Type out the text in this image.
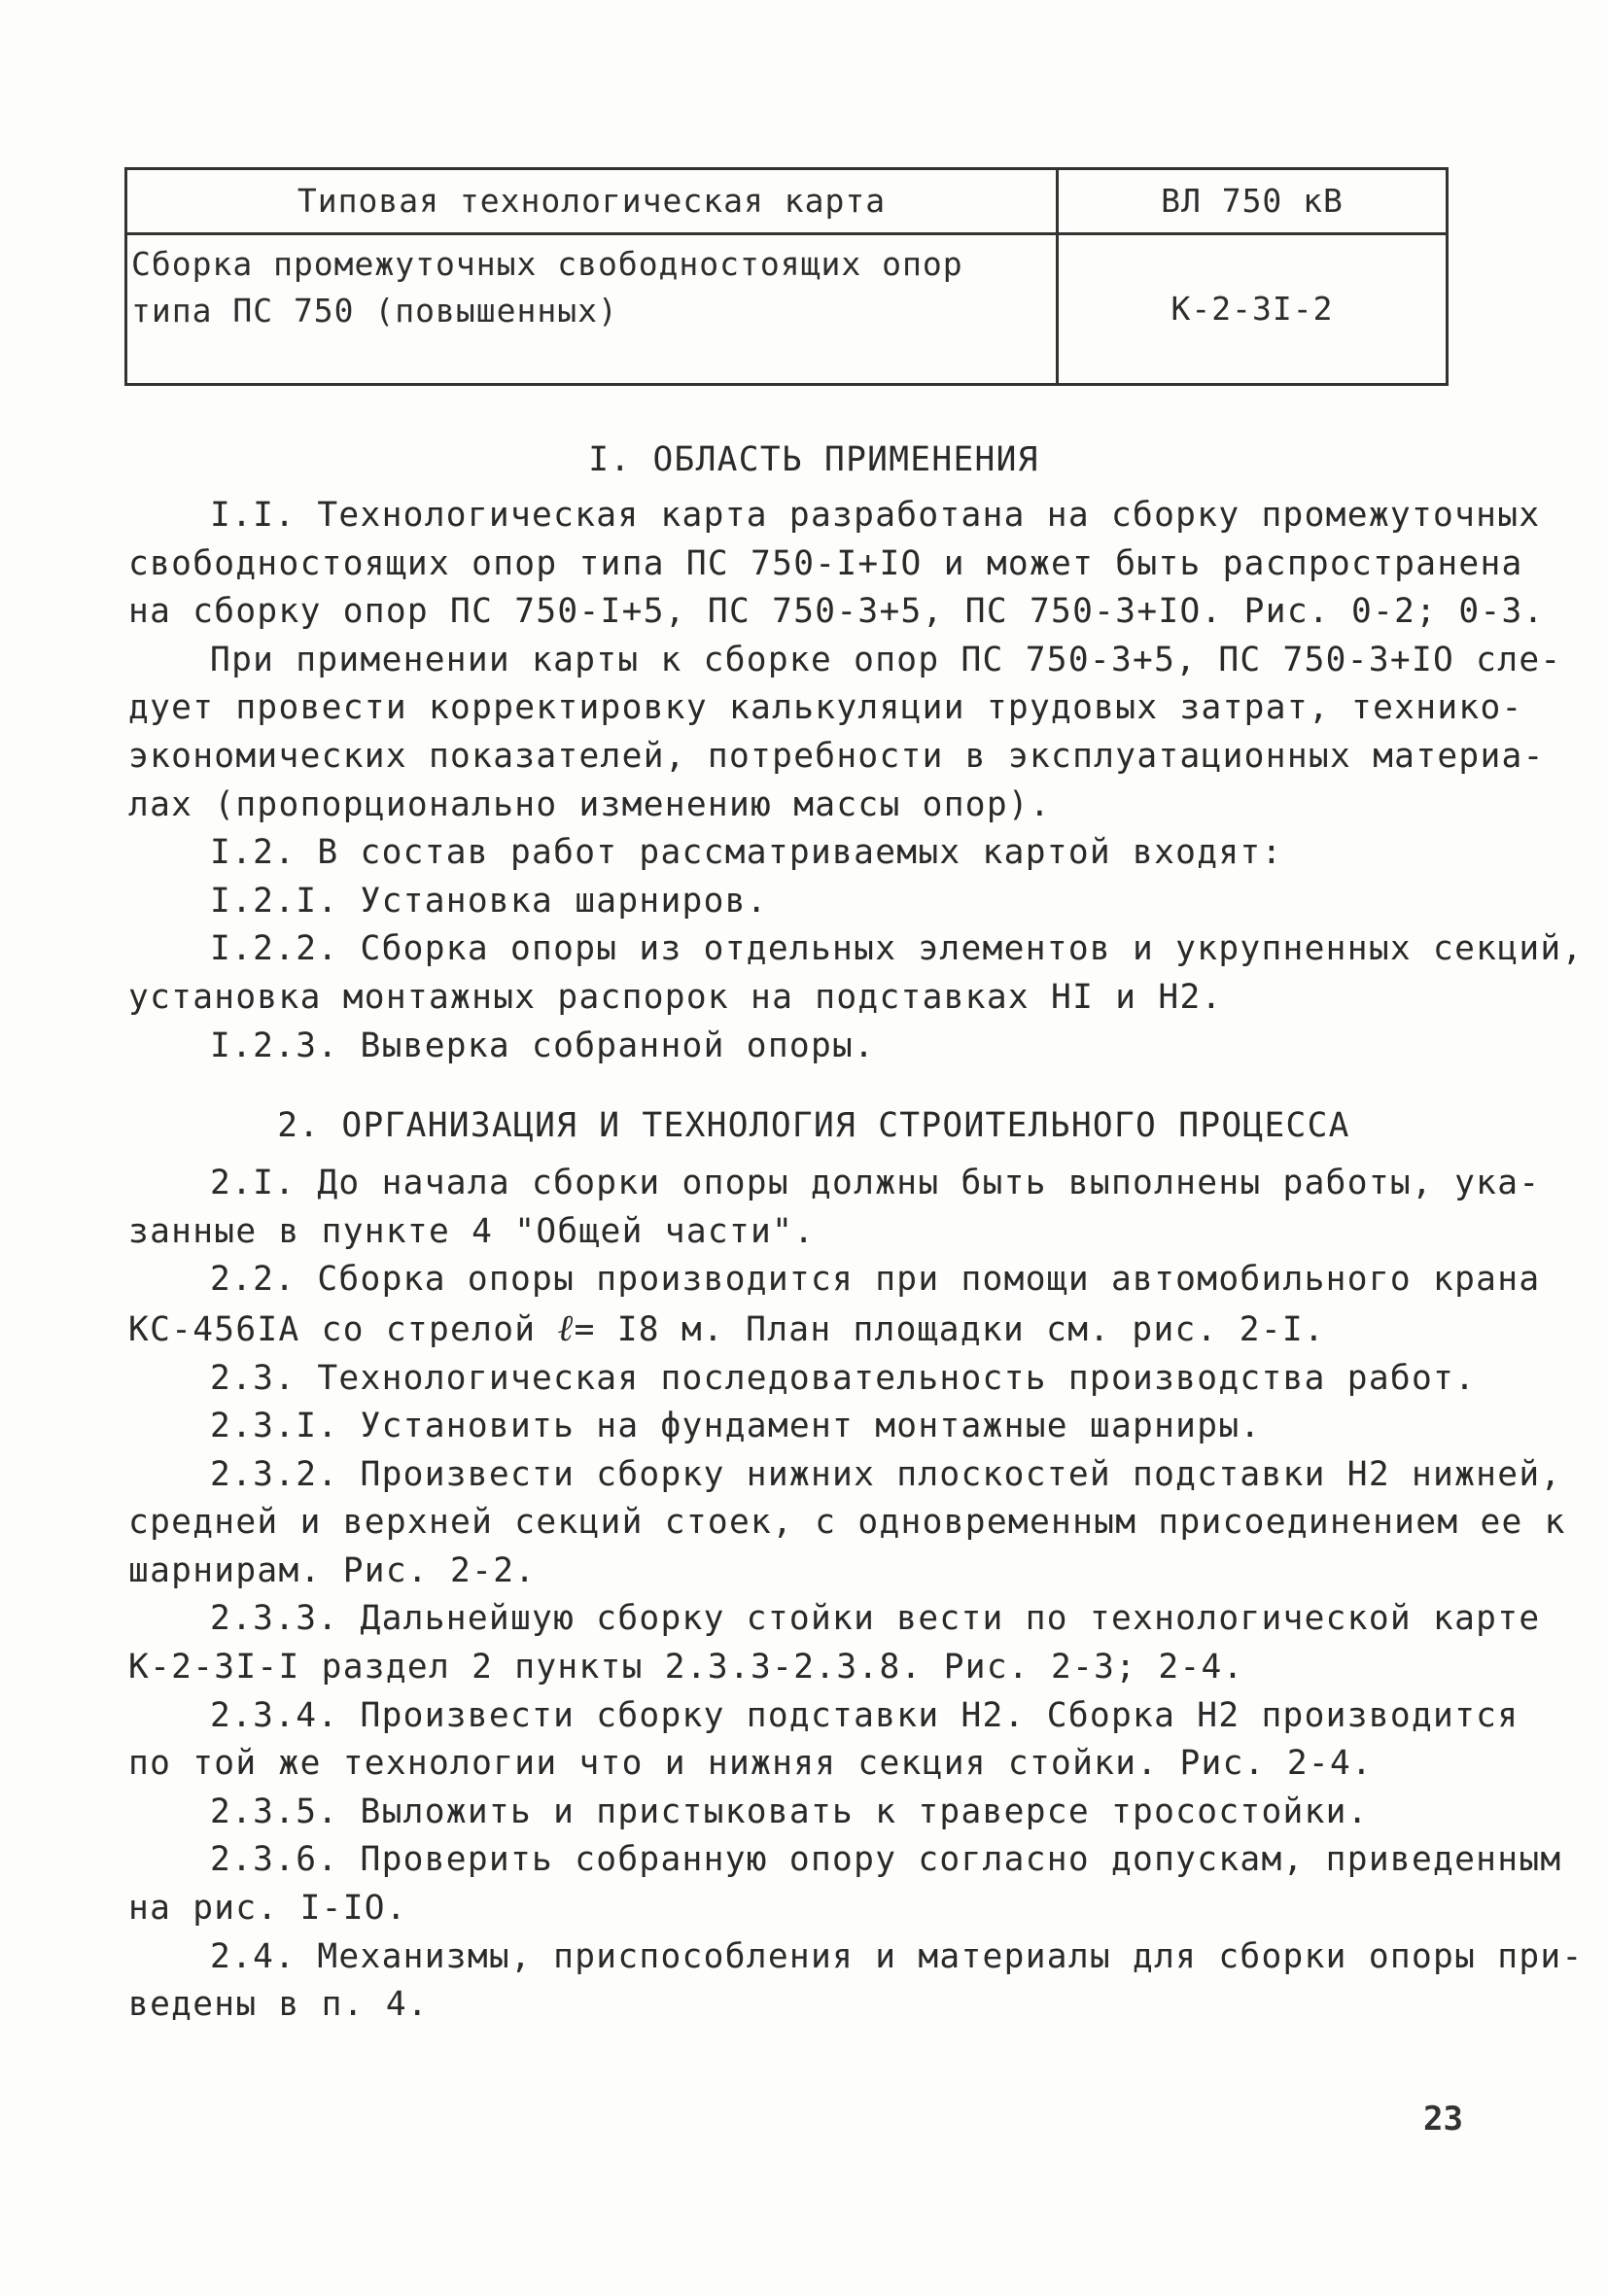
Типовая технологическая карта	ВЛ 750 кВ

Сборка промежуточных свободностоящих опор
типа ПС 750 (повышенных)	К-2-3I-2

I. ОБЛАСТЬ ПРИМЕНЕНИЯ

I.I. Технологическая карта разработана на сборку промежуточных

свободностоящих опор типа ПС 750-I+IO и может быть распространена

на сборку опор ПС 750-I+5, ПС 750-3+5, ПС 750-3+IO. Рис. 0-2; 0-3.

При применении карты к сборке опор ПС 750-3+5, ПС 750-3+IO сле-

дует провести корректировку калькуляции трудовых затрат, технико-

экономических показателей, потребности в эксплуатационных материа-

лах (пропорционально изменению массы опор).

I.2. В состав работ рассматриваемых картой входят:

I.2.I. Установка шарниров.

I.2.2. Сборка опоры из отдельных элементов и укрупненных секций,

установка монтажных распорок на подставках НI и Н2.

I.2.3. Выверка собранной опоры.

2. ОРГАНИЗАЦИЯ И ТЕХНОЛОГИЯ СТРОИТЕЛЬНОГО ПРОЦЕССА

2.I. До начала сборки опоры должны быть выполнены работы, ука-

занные в пункте 4 "Общей части".

2.2. Сборка опоры производится при помощи автомобильного крана

КС-456IА со стрелой ℓ= I8 м. План площадки см. рис. 2-I.

2.3. Технологическая последовательность производства работ.

2.3.I. Установить на фундамент монтажные шарниры.

2.3.2. Произвести сборку нижних плоскостей подставки Н2 нижней,

средней и верхней секций стоек, с одновременным присоединением ее к

шарнирам. Рис. 2-2.

2.3.3. Дальнейшую сборку стойки вести по технологической карте

К-2-3I-I раздел 2 пункты 2.3.3-2.3.8. Рис. 2-3; 2-4.

2.3.4. Произвести сборку подставки Н2. Сборка Н2 производится

по той же технологии что и нижняя секция стойки. Рис. 2-4.

2.3.5. Выложить и пристыковать к траверсе тросостойки.

2.3.6. Проверить собранную опору согласно допускам, приведенным

на рис. I-IO.

2.4. Механизмы, приспособления и материалы для сборки опоры при-

ведены в п. 4.

23
